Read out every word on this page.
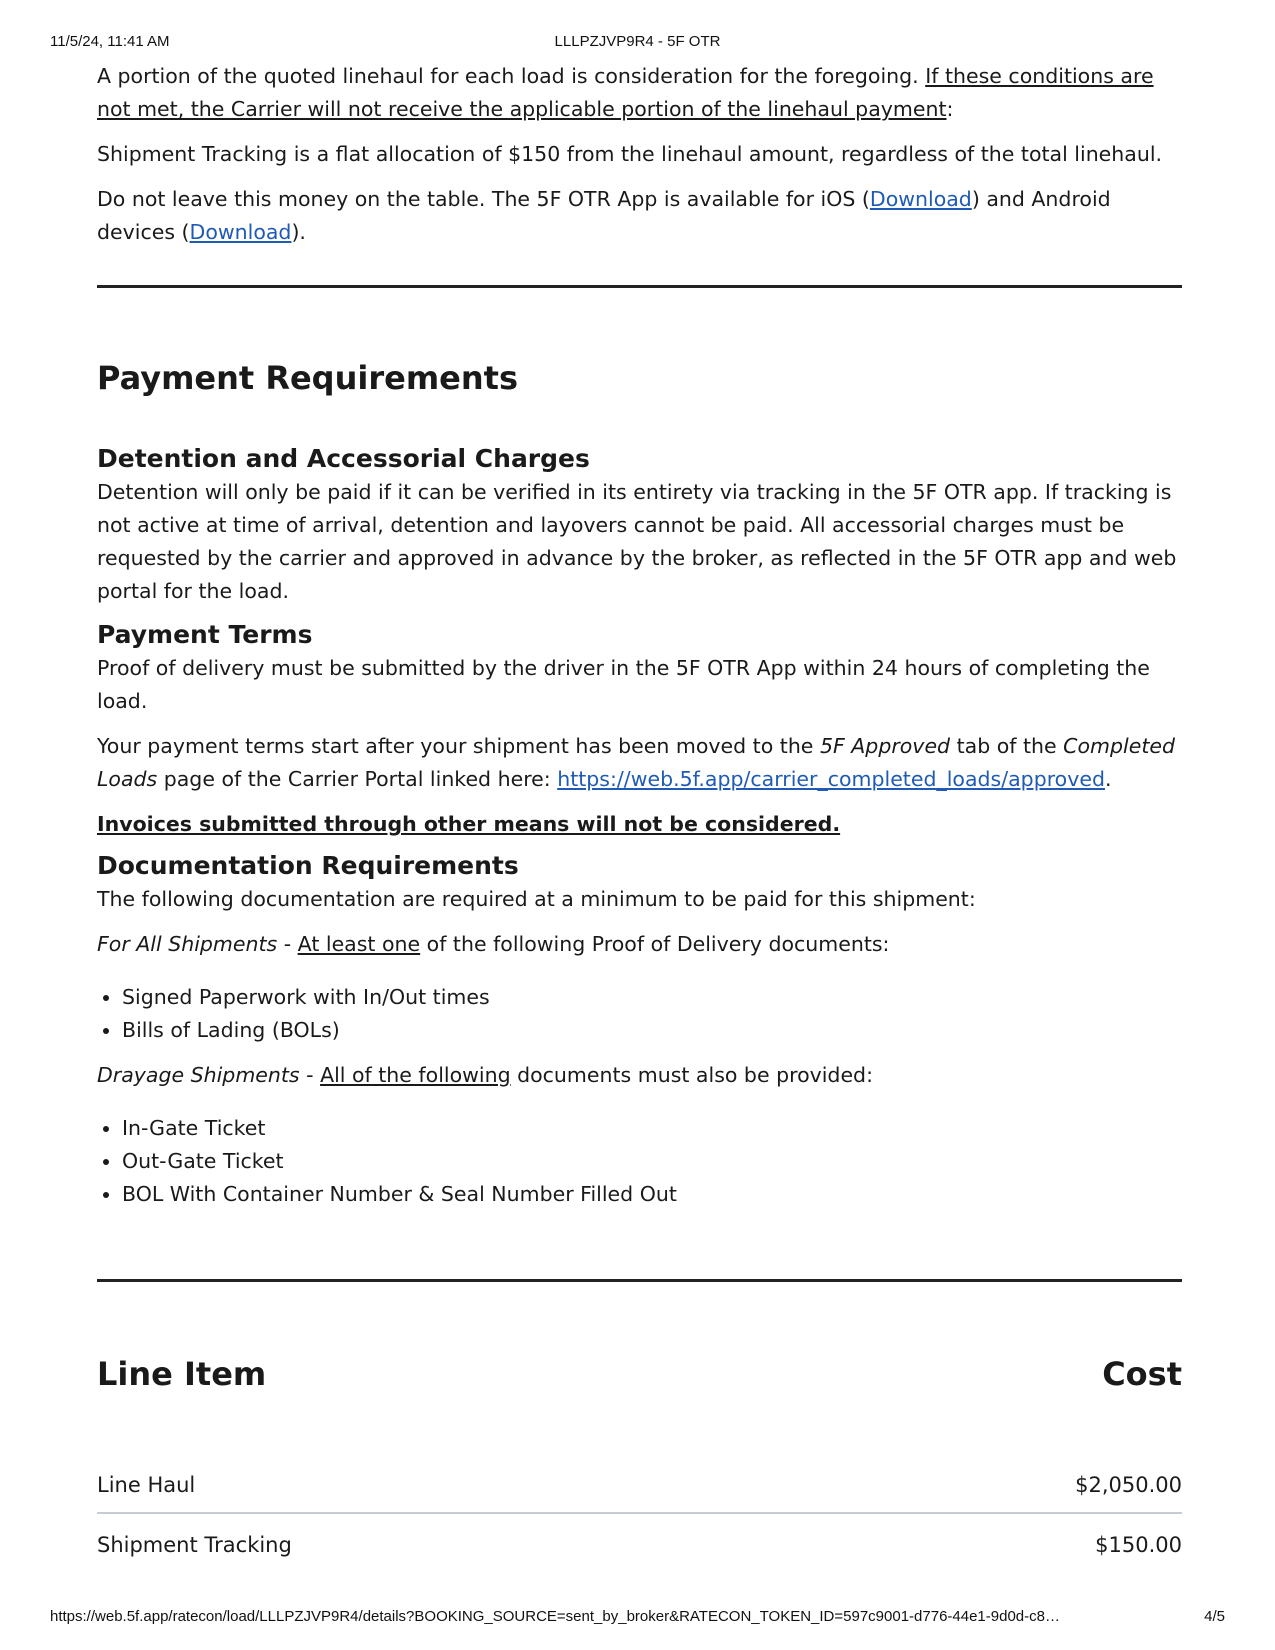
11/5/24, 11:41 AM	LLLPZJVP9R4 - 5F OTR

A portion of the quoted linehaul for each load is consideration for the foregoing. If these conditions are not met, the Carrier will not receive the applicable portion of the linehaul payment:

Shipment Tracking is a flat allocation of $150 from the linehaul amount, regardless of the total linehaul.

Do not leave this money on the table. The 5F OTR App is available for iOS (Download) and Android devices (Download).

Payment Requirements
Detention and Accessorial Charges

Detention will only be paid if it can be verified in its entirety via tracking in the 5F OTR app. If tracking is not active at time of arrival, detention and layovers cannot be paid. All accessorial charges must be requested by the carrier and approved in advance by the broker, as reflected in the 5F OTR app and web portal for the load.

Payment Terms

Proof of delivery must be submitted by the driver in the 5F OTR App within 24 hours of completing the load.

Your payment terms start after your shipment has been moved to the 5F Approved tab of the Completed Loads page of the Carrier Portal linked here: https://web.5f.app/carrier_completed_loads/approved.

Invoices submitted through other means will not be considered.

Documentation Requirements

The following documentation are required at a minimum to be paid for this shipment:

For All Shipments - At least one of the following Proof of Delivery documents:

• Signed Paperwork with In/Out times
• Bills of Lading (BOLs)

Drayage Shipments - All of the following documents must also be provided:

• In-Gate Ticket
• Out-Gate Ticket
• BOL With Container Number & Seal Number Filled Out
Line Item	Cost
Line Haul	$2,050.00
Shipment Tracking	$150.00
https://web.5f.app/ratecon/load/LLLPZJVP9R4/details?BOOKING_SOURCE=sent_by_broker&RATECON_TOKEN_ID=597c9001-d776-44e1-9d0d-c8…	4/5
